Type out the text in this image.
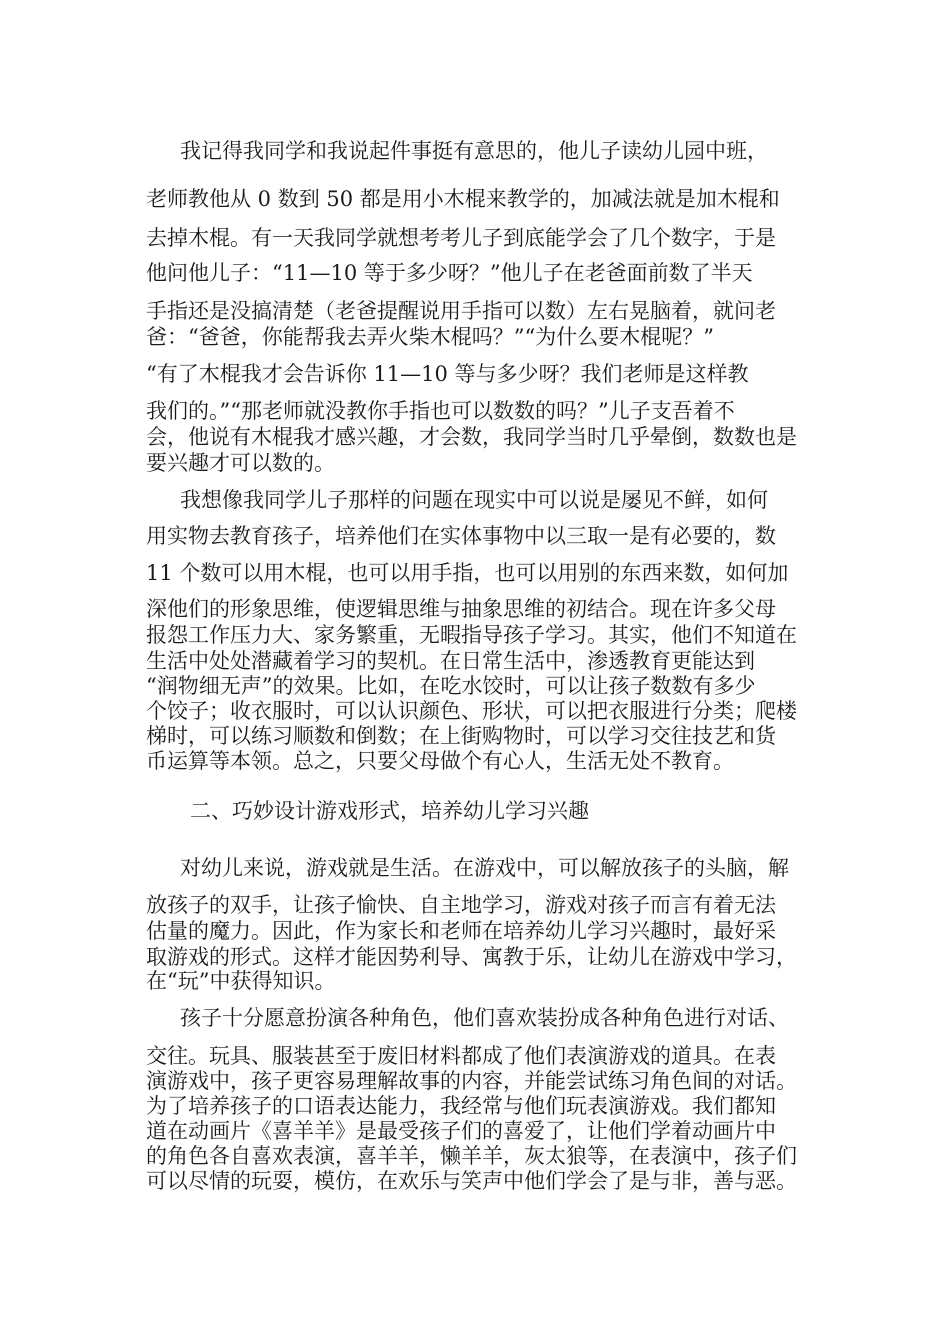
我记得我同学和我说起件事挺有意思的，他儿子读幼儿园中班，
老师教他从 0 数到 50 都是用小木棍来教学的，加减法就是加木棍和
去掉木棍。有一天我同学就想考考儿子到底能学会了几个数字，于是
他问他儿子：“11—10 等于多少呀？”他儿子在老爸面前数了半天
手指还是没搞清楚（老爸提醒说用手指可以数）左右晃脑着，就问老
爸：“爸爸，你能帮我去弄火柴木棍吗？”“为什么要木棍呢？”
“有了木棍我才会告诉你 11—10 等与多少呀？我们老师是这样教
我们的。”“那老师就没教你手指也可以数数的吗？”儿子支吾着不
会，他说有木棍我才感兴趣，才会数，我同学当时几乎晕倒，数数也是
要兴趣才可以数的。
我想像我同学儿子那样的问题在现实中可以说是屡见不鲜，如何
用实物去教育孩子，培养他们在实体事物中以三取一是有必要的，数
11 个数可以用木棍，也可以用手指，也可以用别的东西来数，如何加
深他们的形象思维，使逻辑思维与抽象思维的初结合。现在许多父母
报怨工作压力大、家务繁重，无暇指导孩子学习。其实，他们不知道在
生活中处处潜藏着学习的契机。在日常生活中，渗透教育更能达到
“润物细无声”的效果。比如，在吃水饺时，可以让孩子数数有多少
个饺子；收衣服时，可以认识颜色、形状，可以把衣服进行分类；爬楼
梯时，可以练习顺数和倒数；在上街购物时，可以学习交往技艺和货
币运算等本领。总之，只要父母做个有心人，生活无处不教育。
二、巧妙设计游戏形式，培养幼儿学习兴趣
对幼儿来说，游戏就是生活。在游戏中，可以解放孩子的头脑，解
放孩子的双手，让孩子愉快、自主地学习，游戏对孩子而言有着无法
估量的魔力。因此，作为家长和老师在培养幼儿学习兴趣时，最好采
取游戏的形式。这样才能因势利导、寓教于乐，让幼儿在游戏中学习，
在“玩”中获得知识。
孩子十分愿意扮演各种角色，他们喜欢装扮成各种角色进行对话、
交往。玩具、服装甚至于废旧材料都成了他们表演游戏的道具。在表
演游戏中，孩子更容易理解故事的内容，并能尝试练习角色间的对话。
为了培养孩子的口语表达能力，我经常与他们玩表演游戏。我们都知
道在动画片《喜羊羊》是最受孩子们的喜爱了，让他们学着动画片中
的角色各自喜欢表演，喜羊羊，懒羊羊，灰太狼等，在表演中，孩子们
可以尽情的玩耍，模仿，在欢乐与笑声中他们学会了是与非，善与恶。
